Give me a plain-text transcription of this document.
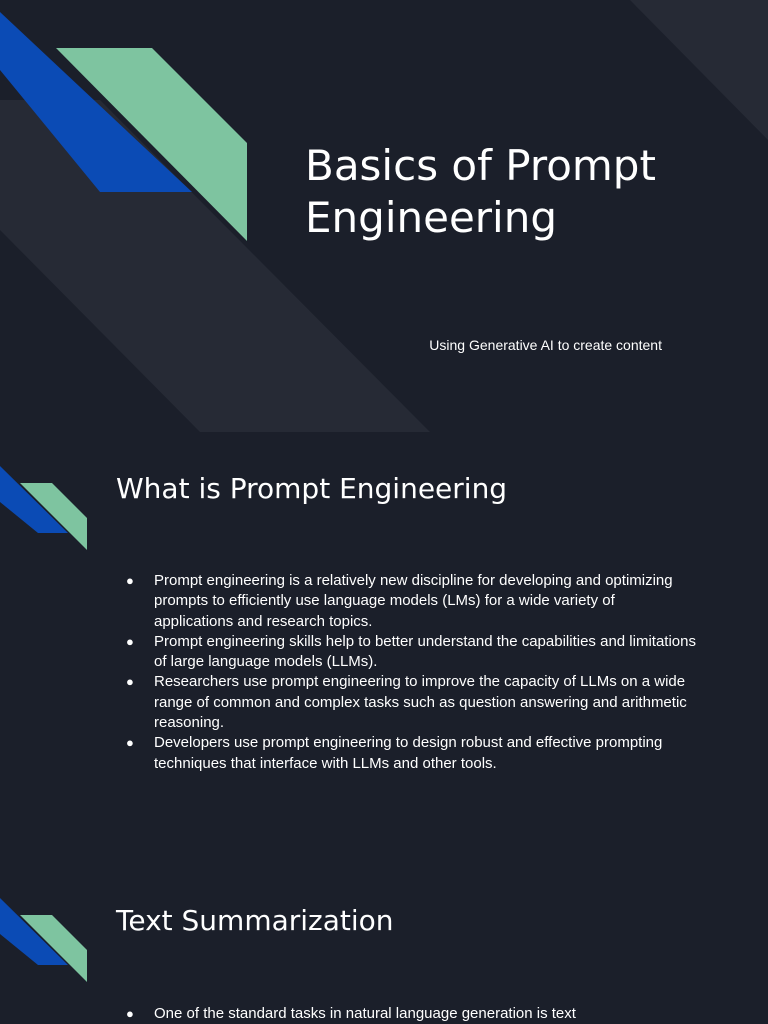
Basics of Prompt Engineering

Using Generative AI to create content

What is Prompt Engineering
● Prompt engineering is a relatively new discipline for developing and optimizing prompts to efficiently use language models (LMs) for a wide variety of applications and research topics.
● Prompt engineering skills help to better understand the capabilities and limitations of large language models (LLMs).
● Researchers use prompt engineering to improve the capacity of LLMs on a wide range of common and complex tasks such as question answering and arithmetic reasoning.
● Developers use prompt engineering to design robust and effective prompting techniques that interface with LLMs and other tools.
Text Summarization
● One of the standard tasks in natural language generation is text
